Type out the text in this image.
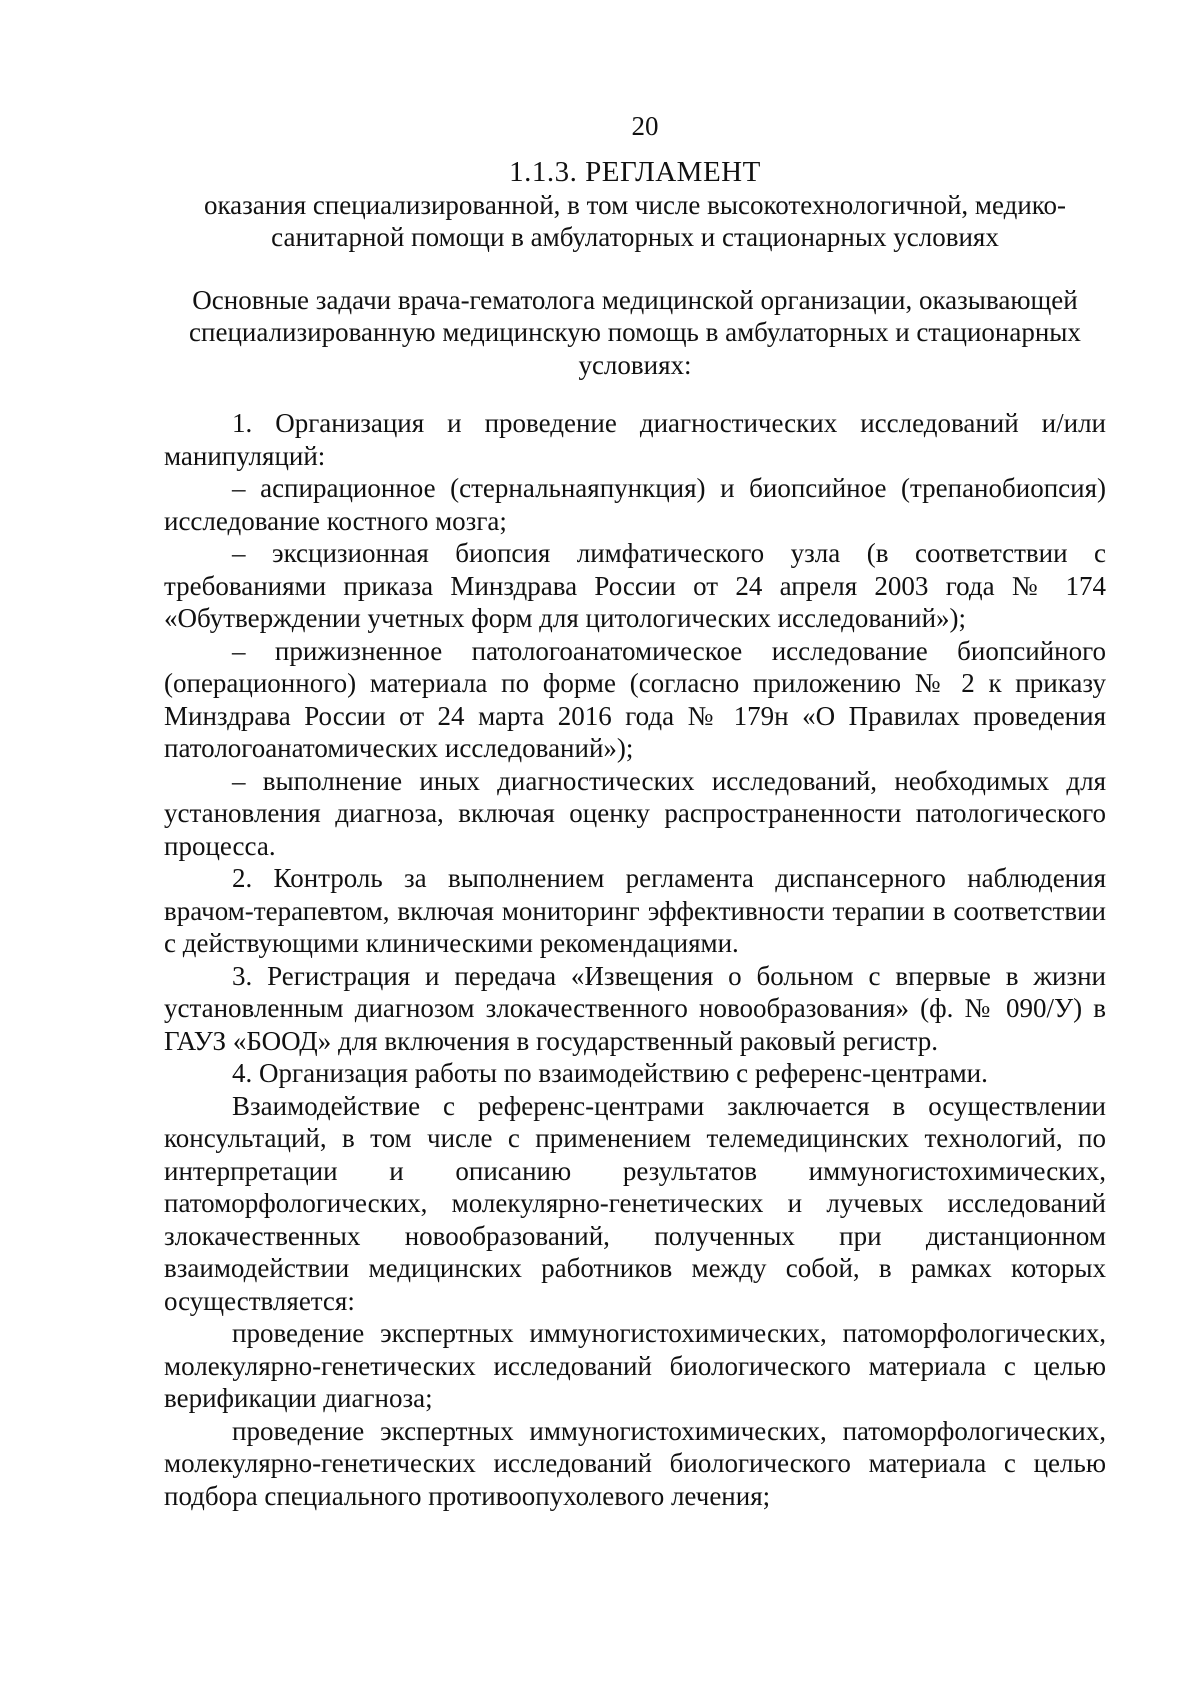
20
1.1.3. РЕГЛАМЕНТ
оказания специализированной, в том числе высокотехнологичной, медико-санитарной помощи в амбулаторных и стационарных условиях
Основные задачи врача-гематолога медицинской организации, оказывающей специализированную медицинскую помощь в амбулаторных и стационарных условиях:

1. Организация и проведение диагностических исследований и/или манипуляций:

– аспирационное (стернальнаяпункция) и биопсийное (трепанобиопсия) исследование костного мозга;

– эксцизионная биопсия лимфатического узла (в соответствии с требованиями приказа Минздрава России от 24 апреля 2003 года № 174 «Обутверждении учетных форм для цитологических исследований»);

– прижизненное патологоанатомическое исследование биопсийного (операционного) материала по форме (согласно приложению № 2 к приказу Минздрава России от 24 марта 2016 года № 179н «О Правилах проведения патологоанатомических исследований»);

– выполнение иных диагностических исследований, необходимых для установления диагноза, включая оценку распространенности патологического процесса.

2. Контроль за выполнением регламента диспансерного наблюдения врачом-терапевтом, включая мониторинг эффективности терапии в соответствии с действующими клиническими рекомендациями.

3. Регистрация и передача «Извещения о больном с впервые в жизни установленным диагнозом злокачественного новообразования» (ф. № 090/У) в ГАУЗ «БООД» для включения в государственный раковый регистр.

4. Организация работы по взаимодействию с референс-центрами.

Взаимодействие с референс-центрами заключается в осуществлении консультаций, в том числе с применением телемедицинских технологий, по интерпретации и описанию результатов иммуногистохимических, патоморфологических, молекулярно-генетических и лучевых исследований злокачественных новообразований, полученных при дистанционном взаимодействии медицинских работников между собой, в рамках которых осуществляется:

проведение экспертных иммуногистохимических, патоморфологических, молекулярно-генетических исследований биологического материала с целью верификации диагноза;

проведение экспертных иммуногистохимических, патоморфологических, молекулярно-генетических исследований биологического материала с целью подбора специального противоопухолевого лечения;
